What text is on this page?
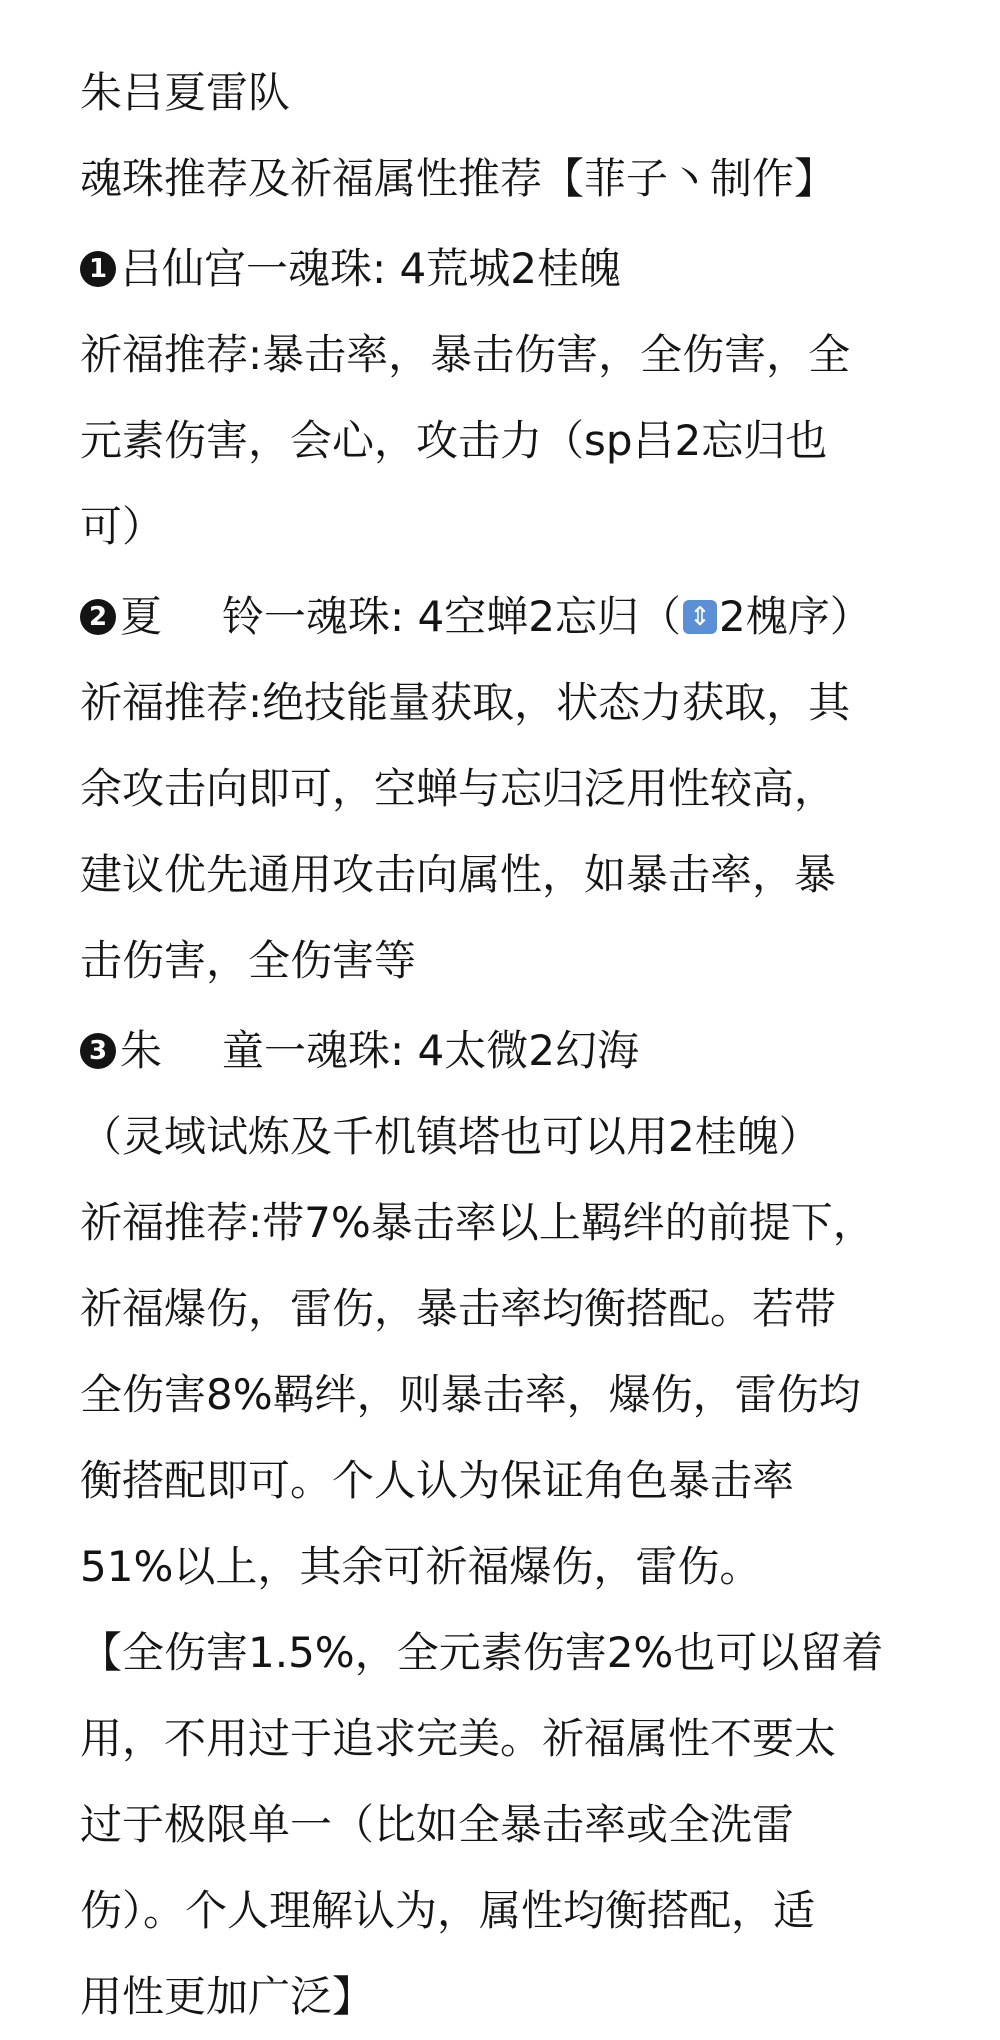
朱吕夏雷队
魂珠推荐及祈福属性推荐【菲子丶制作】
1 吕仙宫一魂珠: 4荒城2桂魄
祈福推荐:暴击率，暴击伤害，全伤害，全
元素伤害，会心，攻击力（sp吕2忘归也
可）
2 夏 铃一魂珠: 4空蝉2忘归（ ⇕ 2槐序）
祈福推荐:绝技能量获取，状态力获取，其
余攻击向即可，空蝉与忘归泛用性较高，
建议优先通用攻击向属性，如暴击率，暴
击伤害，全伤害等
3 朱 童一魂珠: 4太微2幻海
（灵域试炼及千机镇塔也可以用2桂魄）
祈福推荐:带7%暴击率以上羁绊的前提下，
祈福爆伤，雷伤，暴击率均衡搭配。若带
全伤害8%羁绊，则暴击率，爆伤，雷伤均
衡搭配即可。个人认为保证角色暴击率
51%以上，其余可祈福爆伤，雷伤。
【全伤害1.5%，全元素伤害2%也可以留着
用，不用过于追求完美。祈福属性不要太
过于极限单一（比如全暴击率或全洗雷
伤）。个人理解认为，属性均衡搭配，适
用性更加广泛】
